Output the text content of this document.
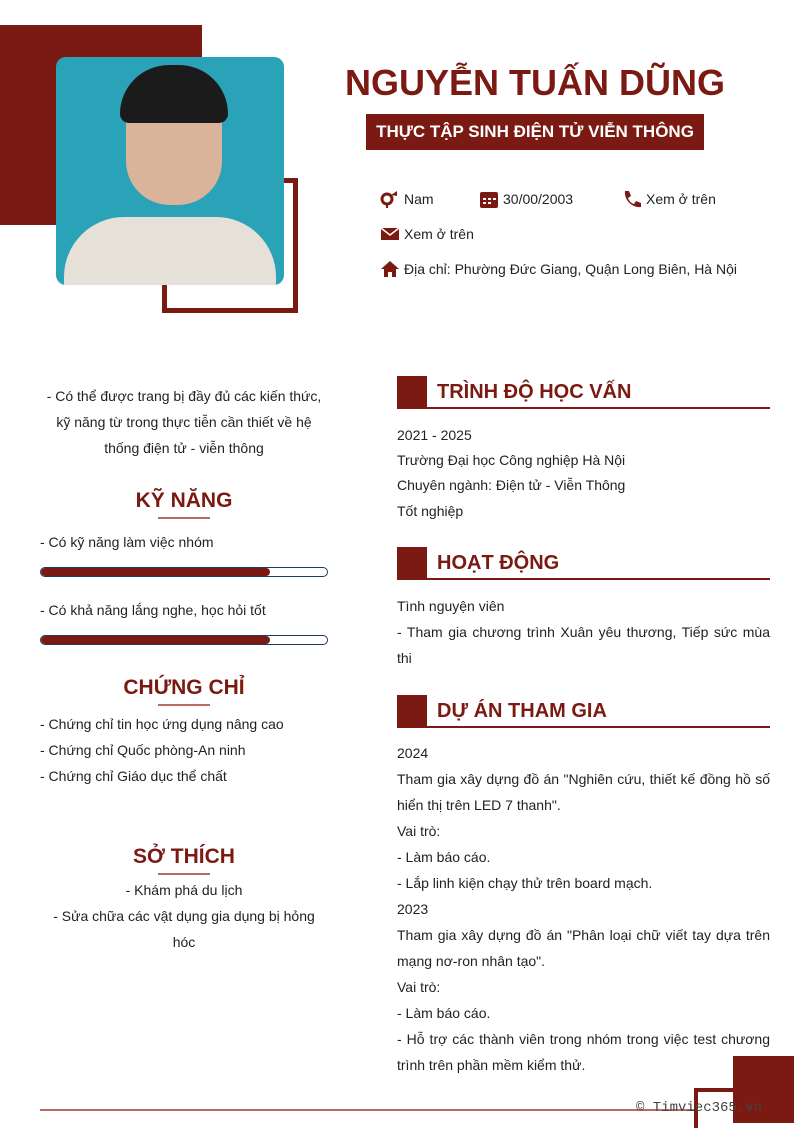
NGUYỄN TUẤN DŨNG
THỰC TẬP SINH ĐIỆN TỬ VIỄN THÔNG
Nam	30/00/2003	Xem ở trên
Xem ở trên
Địa chỉ: Phường Đức Giang, Quận Long Biên, Hà Nội
- Có thể được trang bị đầy đủ các kiến thức, kỹ năng từ trong thực tiễn cần thiết về hệ thống điện tử - viễn thông
KỸ NĂNG
- Có kỹ năng làm việc nhóm
- Có khả năng lắng nghe, học hỏi tốt
CHỨNG CHỈ
- Chứng chỉ tin học ứng dụng nâng cao
- Chứng chỉ Quốc phòng-An ninh
- Chứng chỉ Giáo dục thể chất
SỞ THÍCH
- Khám phá du lịch
- Sửa chữa các vật dụng gia dụng bị hỏng hóc
TRÌNH ĐỘ HỌC VẤN
2021 - 2025
Trường Đại học Công nghiệp Hà Nội
Chuyên ngành: Điện tử - Viễn Thông
Tốt nghiệp
HOẠT ĐỘNG
Tình nguyện viên
- Tham gia chương trình Xuân yêu thương, Tiếp sức mùa thi
DỰ ÁN THAM GIA
2024
Tham gia xây dựng đồ án "Nghiên cứu, thiết kế đồng hồ số hiển thị trên LED 7 thanh".
Vai trò:
- Làm báo cáo.
- Lắp linh kiện chạy thử trên board mạch.
2023
Tham gia xây dựng đồ án "Phân loại chữ viết tay dựa trên mạng nơ-ron nhân tạo".
Vai trò:
- Làm báo cáo.
- Hỗ trợ các thành viên trong nhóm trong việc test chương trình trên phần mềm kiểm thử.
© Timviec365.vn
